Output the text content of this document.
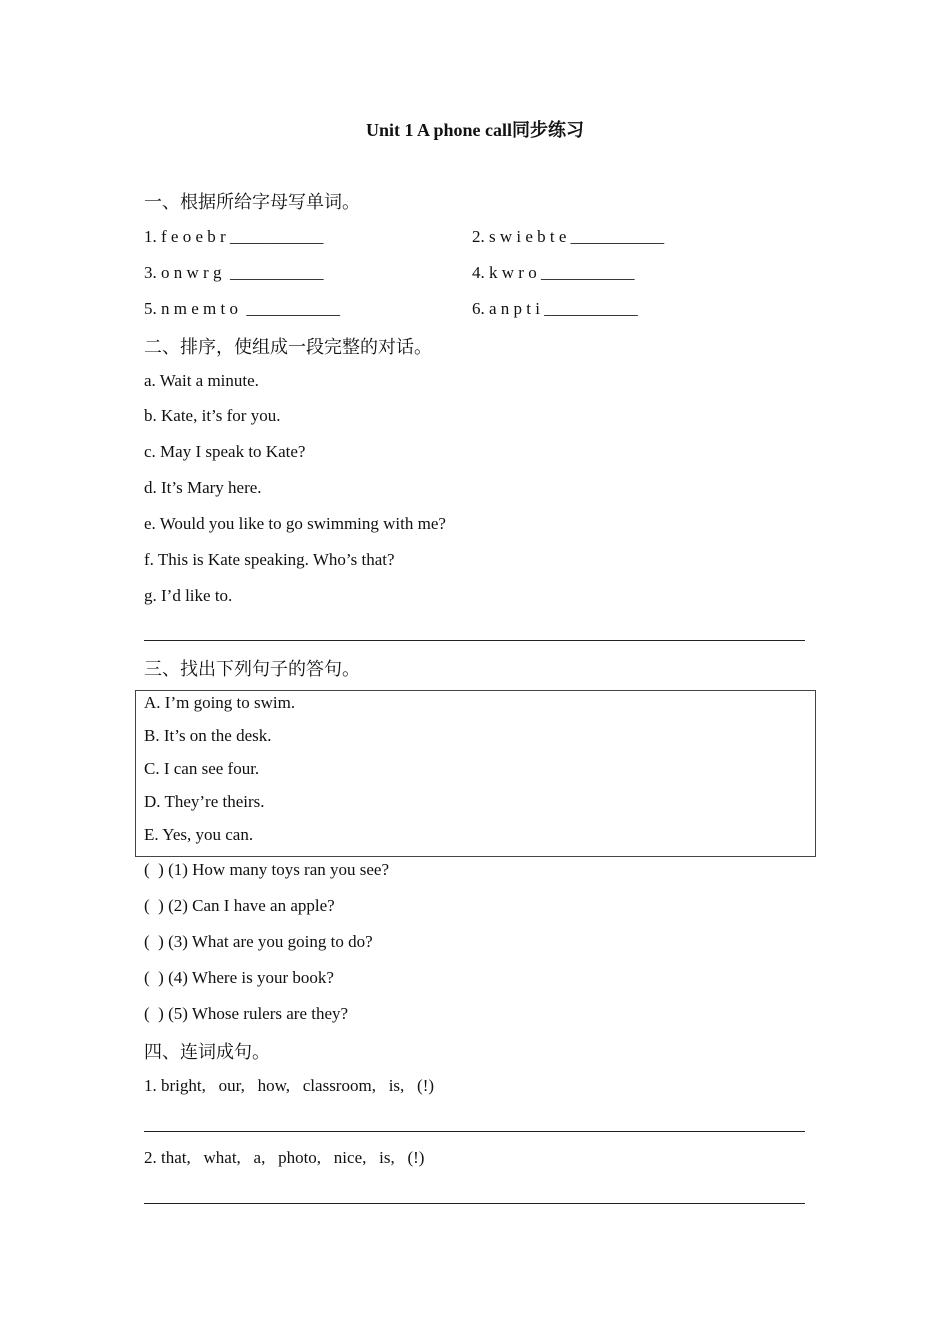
Unit 1 A phone call同步练习
一、根据所给字母写单词。
1. f e o e b r ___________	2. s w i e b t e ___________
3. o n w r g  ___________	4. k w r o ___________
5. n m e m t o  ___________	6. a n p t i ___________
二、排序，使组成一段完整的对话。
a. Wait a minute.
b. Kate, it’s for you.
c. May I speak to Kate?
d. It’s Mary here.
e. Would you like to go swimming with me?
f. This is Kate speaking. Who’s that?
g. I’d like to.
三、找出下列句子的答句。
A. I’m going to swim.
B. It’s on the desk.
C. I can see four.
D. They’re theirs.
E. Yes, you can.
(  ) (1) How many toys ran you see?
(  ) (2) Can I have an apple?
(  ) (3) What are you going to do?
(  ) (4) Where is your book?
(  ) (5) Whose rulers are they?
四、连词成句。
1. bright,   our,   how,   classroom,   is,   (!)
2. that,   what,   a,   photo,   nice,   is,   (!)
